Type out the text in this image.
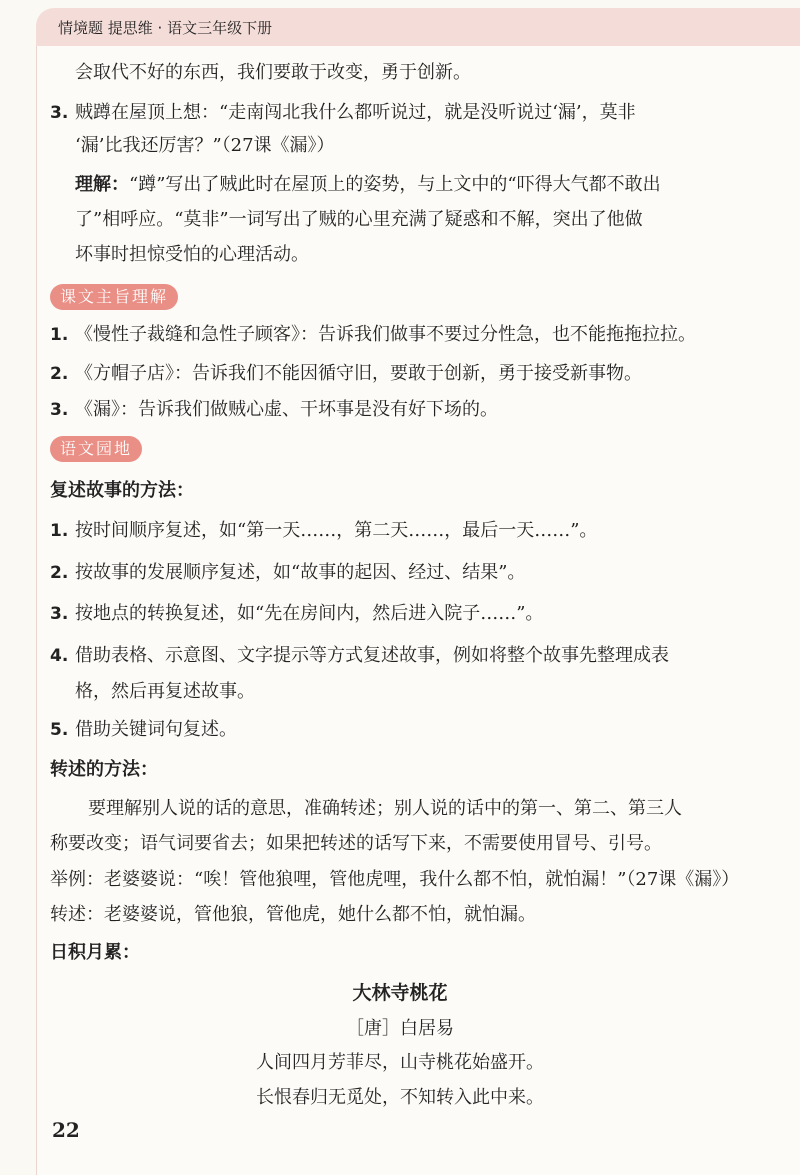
情境题 提思维 · 语文三年级下册
会取代不好的东西，我们要敢于改变，勇于创新。
3. 贼蹲在屋顶上想：“走南闯北我什么都听说过，就是没听说过‘漏’，莫非
‘漏’比我还厉害？”（27课《漏》）
理解：“蹲”写出了贼此时在屋顶上的姿势，与上文中的“吓得大气都不敢出
了”相呼应。“莫非”一词写出了贼的心里充满了疑惑和不解，突出了他做
坏事时担惊受怕的心理活动。
课文主旨理解
1. 《慢性子裁缝和急性子顾客》：告诉我们做事不要过分性急，也不能拖拖拉拉。
2. 《方帽子店》：告诉我们不能因循守旧，要敢于创新，勇于接受新事物。
3. 《漏》：告诉我们做贼心虚、干坏事是没有好下场的。
语文园地
复述故事的方法：
1. 按时间顺序复述，如“第一天……，第二天……，最后一天……”。
2. 按故事的发展顺序复述，如“故事的起因、经过、结果”。
3. 按地点的转换复述，如“先在房间内，然后进入院子……”。
4. 借助表格、示意图、文字提示等方式复述故事，例如将整个故事先整理成表
格，然后再复述故事。
5. 借助关键词句复述。
转述的方法：
要理解别人说的话的意思，准确转述；别人说的话中的第一、第二、第三人
称要改变；语气词要省去；如果把转述的话写下来，不需要使用冒号、引号。
举例：老婆婆说：“唉！管他狼哩，管他虎哩，我什么都不怕，就怕漏！”（27课《漏》）
转述：老婆婆说，管他狼，管他虎，她什么都不怕，就怕漏。
日积月累：
大林寺桃花
［唐］白居易
人间四月芳菲尽，山寺桃花始盛开。
长恨春归无觅处，不知转入此中来。
22
